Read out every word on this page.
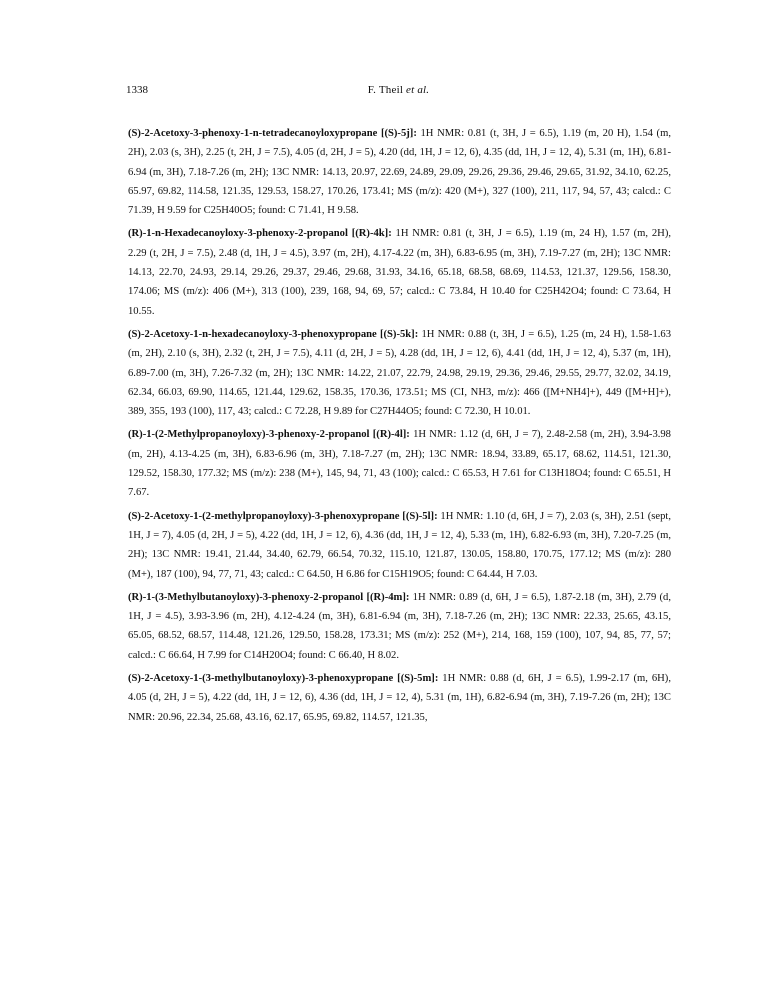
1338	F. Theil et al.

(S)-2-Acetoxy-3-phenoxy-1-n-tetradecanoyloxypropane [(S)-5j]: 1H NMR: 0.81 (t, 3H, J = 6.5), 1.19 (m, 20 H), 1.54 (m, 2H), 2.03 (s, 3H), 2.25 (t, 2H, J = 7.5), 4.05 (d, 2H, J = 5), 4.20 (dd, 1H, J = 12, 6), 4.35 (dd, 1H, J = 12, 4), 5.31 (m, 1H), 6.81-6.94 (m, 3H), 7.18-7.26 (m, 2H); 13C NMR: 14.13, 20.97, 22.69, 24.89, 29.09, 29.26, 29.36, 29.46, 29.65, 31.92, 34.10, 62.25, 65.97, 69.82, 114.58, 121.35, 129.53, 158.27, 170.26, 173.41; MS (m/z): 420 (M+), 327 (100), 211, 117, 94, 57, 43; calcd.: C 71.39, H 9.59 for C25H40O5; found: C 71.41, H 9.58.

(R)-1-n-Hexadecanoyloxy-3-phenoxy-2-propanol [(R)-4k]: 1H NMR: 0.81 (t, 3H, J = 6.5), 1.19 (m, 24 H), 1.57 (m, 2H), 2.29 (t, 2H, J = 7.5), 2.48 (d, 1H, J = 4.5), 3.97 (m, 2H), 4.17-4.22 (m, 3H), 6.83-6.95 (m, 3H), 7.19-7.27 (m, 2H); 13C NMR: 14.13, 22.70, 24.93, 29.14, 29.26, 29.37, 29.46, 29.68, 31.93, 34.16, 65.18, 68.58, 68.69, 114.53, 121.37, 129.56, 158.30, 174.06; MS (m/z): 406 (M+), 313 (100), 239, 168, 94, 69, 57; calcd.: C 73.84, H 10.40 for C25H42O4; found: C 73.64, H 10.55.

(S)-2-Acetoxy-1-n-hexadecanoyloxy-3-phenoxypropane [(S)-5k]: 1H NMR: 0.88 (t, 3H, J = 6.5), 1.25 (m, 24 H), 1.58-1.63 (m, 2H), 2.10 (s, 3H), 2.32 (t, 2H, J = 7.5), 4.11 (d, 2H, J = 5), 4.28 (dd, 1H, J = 12, 6), 4.41 (dd, 1H, J = 12, 4), 5.37 (m, 1H), 6.89-7.00 (m, 3H), 7.26-7.32 (m, 2H); 13C NMR: 14.22, 21.07, 22.79, 24.98, 29.19, 29.36, 29.46, 29.55, 29.77, 32.02, 34.19, 62.34, 66.03, 69.90, 114.65, 121.44, 129.62, 158.35, 170.36, 173.51; MS (CI, NH3, m/z): 466 ([M+NH4]+), 449 ([M+H]+), 389, 355, 193 (100), 117, 43; calcd.: C 72.28, H 9.89 for C27H44O5; found: C 72.30, H 10.01.

(R)-1-(2-Methylpropanoyloxy)-3-phenoxy-2-propanol [(R)-4l]: 1H NMR: 1.12 (d, 6H, J = 7), 2.48-2.58 (m, 2H), 3.94-3.98 (m, 2H), 4.13-4.25 (m, 3H), 6.83-6.96 (m, 3H), 7.18-7.27 (m, 2H); 13C NMR: 18.94, 33.89, 65.17, 68.62, 114.51, 121.30, 129.52, 158.30, 177.32; MS (m/z): 238 (M+), 145, 94, 71, 43 (100); calcd.: C 65.53, H 7.61 for C13H18O4; found: C 65.51, H 7.67.

(S)-2-Acetoxy-1-(2-methylpropanoyloxy)-3-phenoxypropane [(S)-5l]: 1H NMR: 1.10 (d, 6H, J = 7), 2.03 (s, 3H), 2.51 (sept, 1H, J = 7), 4.05 (d, 2H, J = 5), 4.22 (dd, 1H, J = 12, 6), 4.36 (dd, 1H, J = 12, 4), 5.33 (m, 1H), 6.82-6.93 (m, 3H), 7.20-7.25 (m, 2H); 13C NMR: 19.41, 21.44, 34.40, 62.79, 66.54, 70.32, 115.10, 121.87, 130.05, 158.80, 170.75, 177.12; MS (m/z): 280 (M+), 187 (100), 94, 77, 71, 43; calcd.: C 64.50, H 6.86 for C15H19O5; found: C 64.44, H 7.03.

(R)-1-(3-Methylbutanoyloxy)-3-phenoxy-2-propanol [(R)-4m]: 1H NMR: 0.89 (d, 6H, J = 6.5), 1.87-2.18 (m, 3H), 2.79 (d, 1H, J = 4.5), 3.93-3.96 (m, 2H), 4.12-4.24 (m, 3H), 6.81-6.94 (m, 3H), 7.18-7.26 (m, 2H); 13C NMR: 22.33, 25.65, 43.15, 65.05, 68.52, 68.57, 114.48, 121.26, 129.50, 158.28, 173.31; MS (m/z): 252 (M+), 214, 168, 159 (100), 107, 94, 85, 77, 57; calcd.: C 66.64, H 7.99 for C14H20O4; found: C 66.40, H 8.02.

(S)-2-Acetoxy-1-(3-methylbutanoyloxy)-3-phenoxypropane [(S)-5m]: 1H NMR: 0.88 (d, 6H, J = 6.5), 1.99-2.17 (m, 6H), 4.05 (d, 2H, J = 5), 4.22 (dd, 1H, J = 12, 6), 4.36 (dd, 1H, J = 12, 4), 5.31 (m, 1H), 6.82-6.94 (m, 3H), 7.19-7.26 (m, 2H); 13C NMR: 20.96, 22.34, 25.68, 43.16, 62.17, 65.95, 69.82, 114.57, 121.35,
